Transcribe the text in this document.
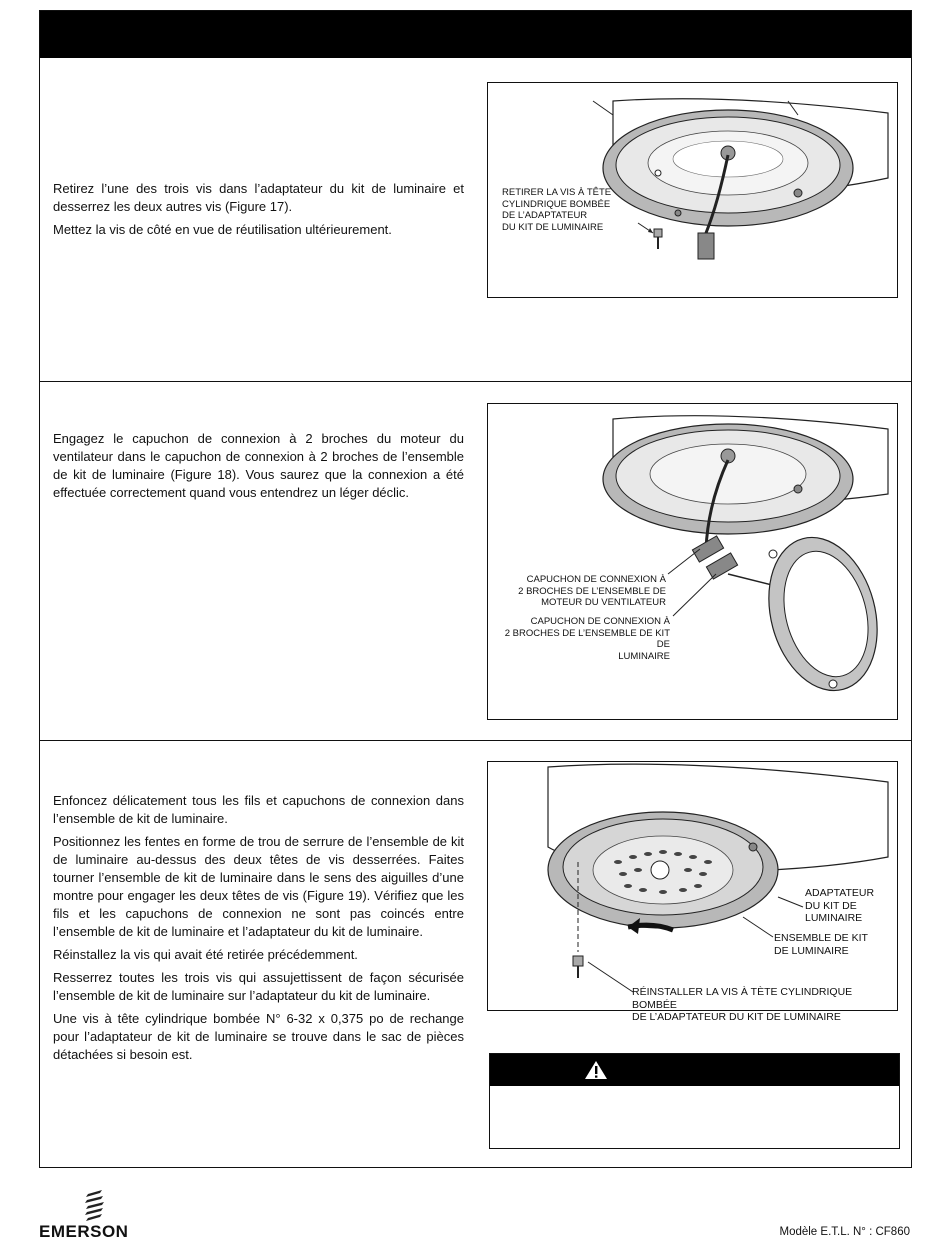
Retirez l’une des trois vis dans l’adaptateur du kit de luminaire et desserrez les deux autres vis (Figure 17).

Mettez la vis de côté en vue de réutilisation ultérieurement.

RETIRER LA VIS À TÊTE
CYLINDRIQUE BOMBÉE
DE L’ADAPTATEUR
DU KIT DE LUMINAIRE

Engagez le capuchon de connexion à 2 broches du moteur du ventilateur dans le capuchon de connexion à 2 broches de l’ensemble de kit de luminaire (Figure 18). Vous saurez que la connexion a été effectuée correctement quand vous entendrez un léger déclic.

CAPUCHON DE CONNEXION À
2 BROCHES DE L’ENSEMBLE DE
MOTEUR DU VENTILATEUR
CAPUCHON DE CONNEXION À
2 BROCHES DE L’ENSEMBLE DE KIT DE
LUMINAIRE

Enfoncez délicatement tous les fils et capuchons de connexion dans l’ensemble de kit de luminaire.

Positionnez les fentes en forme de trou de serrure de l’ensemble de kit de luminaire au-dessus des deux têtes de vis desserrées. Faites tourner l’ensemble de kit de luminaire dans le sens des aiguilles d’une montre pour engager les deux têtes de vis (Figure 19). Vérifiez que les fils et les capuchons de connexion ne sont pas coincés entre l’ensemble de kit de luminaire et l’adaptateur du kit de luminaire.

Réinstallez la vis qui avait été retirée précédemment.

Resserrez toutes les trois vis qui assujettissent de façon sécurisée l’ensemble de kit de luminaire sur l’adaptateur du kit de luminaire.

Une vis à tête cylindrique bombée N° 6-32 x 0,375 po de rechange pour l’adaptateur de kit de luminaire se trouve dans le sac de pièces détachées si besoin est.

ADAPTATEUR
DU KIT DE
LUMINAIRE
ENSEMBLE DE KIT
DE LUMINAIRE
RÉINSTALLER LA VIS À TÈTE CYLINDRIQUE BOMBÉE
DE L’ADAPTATEUR DU KIT DE LUMINAIRE
EMERSON	Modèle E.T.L. N° : CF860
